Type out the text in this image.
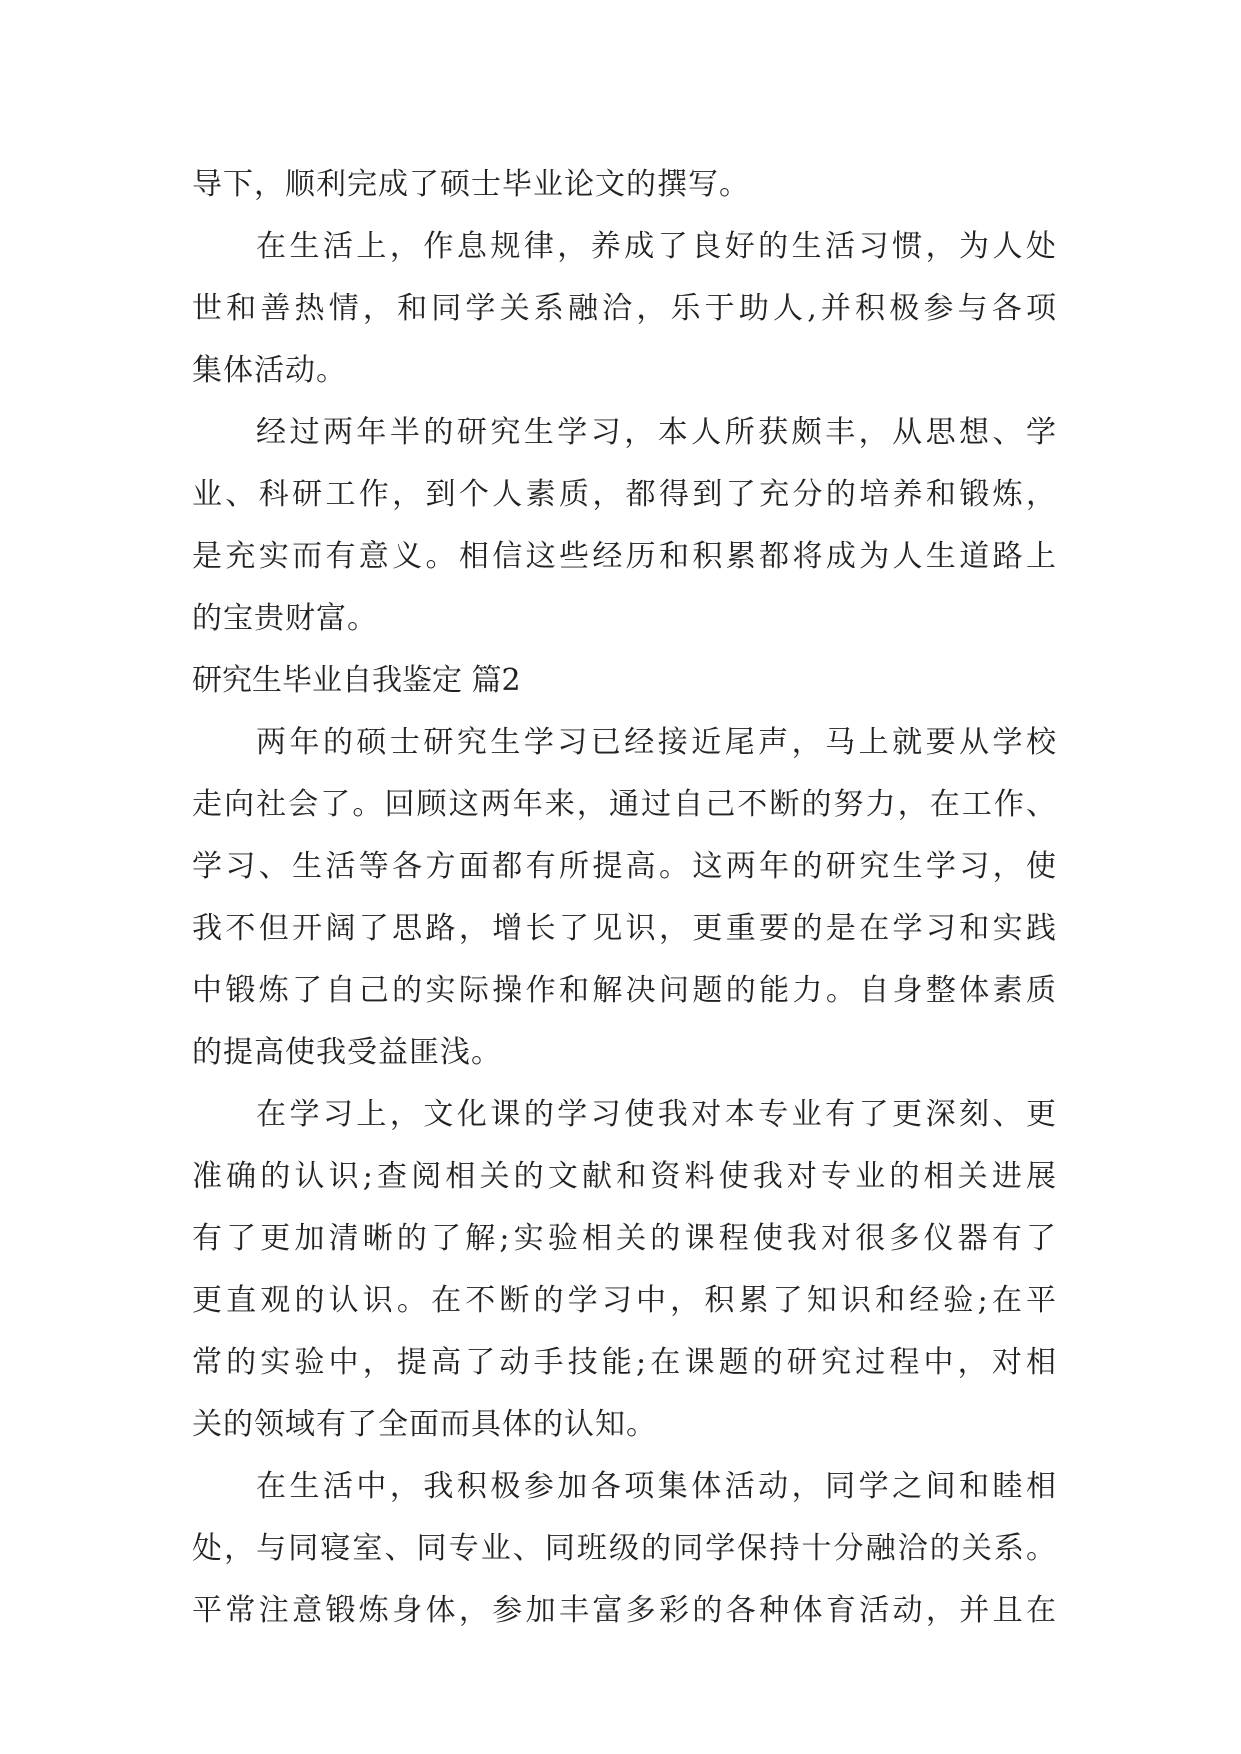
导下，顺利完成了硕士毕业论文的撰写。
在生活上，作息规律，养成了良好的生活习惯，为人处
世和善热情，和同学关系融洽，乐于助人,并积极参与各项
集体活动。
经过两年半的研究生学习，本人所获颇丰，从思想、学
业、科研工作，到个人素质，都得到了充分的培养和锻炼，
是充实而有意义。相信这些经历和积累都将成为人生道路上
的宝贵财富。
研究生毕业自我鉴定 篇2
两年的硕士研究生学习已经接近尾声，马上就要从学校
走向社会了。回顾这两年来，通过自己不断的努力，在工作、
学习、生活等各方面都有所提高。这两年的研究生学习，使
我不但开阔了思路，增长了见识，更重要的是在学习和实践
中锻炼了自己的实际操作和解决问题的能力。自身整体素质
的提高使我受益匪浅。
在学习上，文化课的学习使我对本专业有了更深刻、更
准确的认识;查阅相关的文献和资料使我对专业的相关进展
有了更加清晰的了解;实验相关的课程使我对很多仪器有了
更直观的认识。在不断的学习中，积累了知识和经验;在平
常的实验中，提高了动手技能;在课题的研究过程中，对相
关的领域有了全面而具体的认知。
在生活中，我积极参加各项集体活动，同学之间和睦相
处，与同寝室、同专业、同班级的同学保持十分融洽的关系。
平常注意锻炼身体，参加丰富多彩的各种体育活动，并且在
